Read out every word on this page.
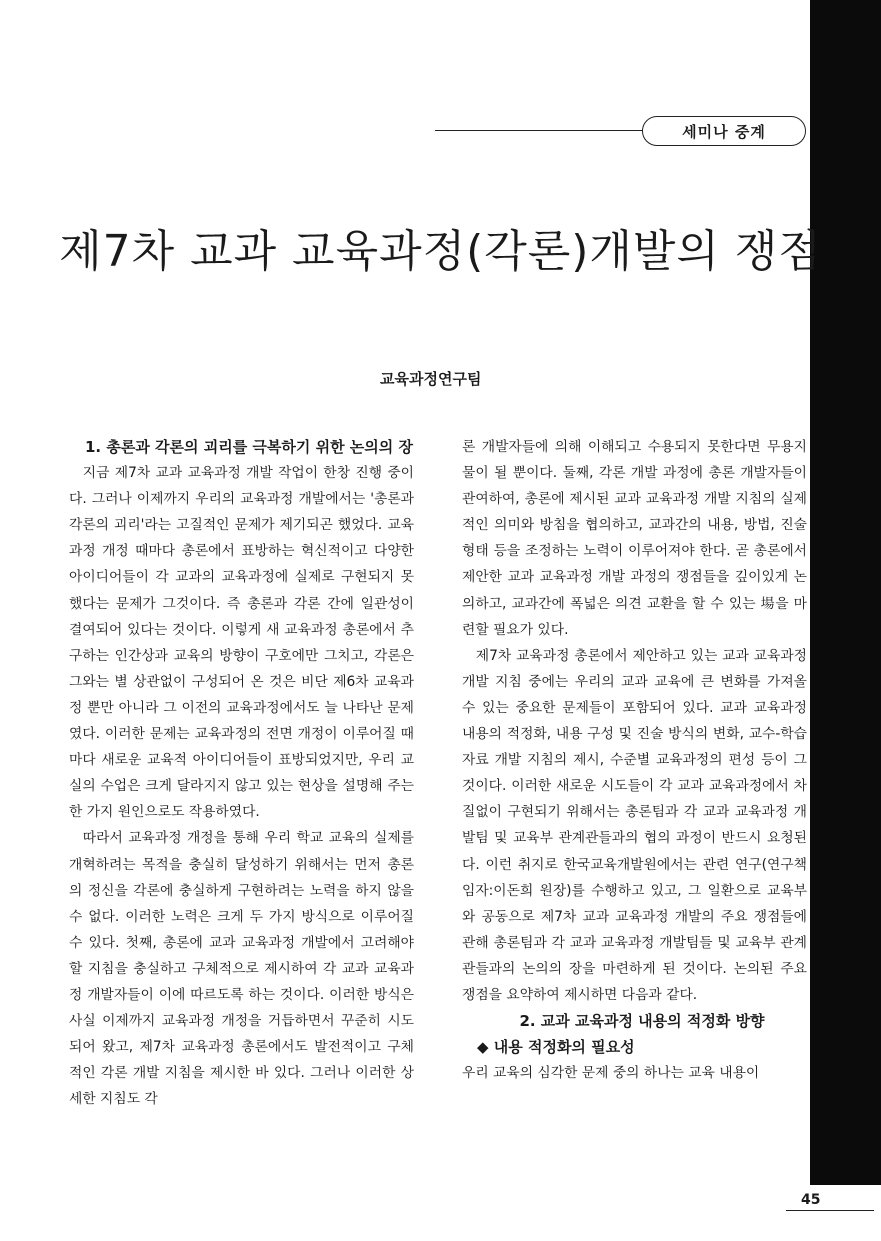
세미나 중계
제7차 교과 교육과정(각론)개발의 쟁점

교육과정연구팀

1. 총론과 각론의 괴리를 극복하기 위한 논의의 장

지금 제7차 교과 교육과정 개발 작업이 한창 진행 중이다. 그러나 이제까지 우리의 교육과정 개발에서는 '총론과 각론의 괴리'라는 고질적인 문제가 제기되곤 했었다. 교육과정 개정 때마다 총론에서 표방하는 혁신적이고 다양한 아이디어들이 각 교과의 교육과정에 실제로 구현되지 못했다는 문제가 그것이다. 즉 총론과 각론 간에 일관성이 결여되어 있다는 것이다. 이렇게 새 교육과정 총론에서 추구하는 인간상과 교육의 방향이 구호에만 그치고, 각론은 그와는 별 상관없이 구성되어 온 것은 비단 제6차 교육과정 뿐만 아니라 그 이전의 교육과정에서도 늘 나타난 문제였다. 이러한 문제는 교육과정의 전면 개정이 이루어질 때마다 새로운 교육적 아이디어들이 표방되었지만, 우리 교실의 수업은 크게 달라지지 않고 있는 현상을 설명해 주는 한 가지 원인으로도 작용하였다.

따라서 교육과정 개정을 통해 우리 학교 교육의 실제를 개혁하려는 목적을 충실히 달성하기 위해서는 먼저 총론의 정신을 각론에 충실하게 구현하려는 노력을 하지 않을 수 없다. 이러한 노력은 크게 두 가지 방식으로 이루어질 수 있다. 첫째, 총론에 교과 교육과정 개발에서 고려해야 할 지침을 충실하고 구체적으로 제시하여 각 교과 교육과정 개발자들이 이에 따르도록 하는 것이다. 이러한 방식은 사실 이제까지 교육과정 개정을 거듭하면서 꾸준히 시도되어 왔고, 제7차 교육과정 총론에서도 발전적이고 구체적인 각론 개발 지침을 제시한 바 있다. 그러나 이러한 상세한 지침도 각

론 개발자들에 의해 이해되고 수용되지 못한다면 무용지물이 될 뿐이다. 둘째, 각론 개발 과정에 총론 개발자들이 관여하여, 총론에 제시된 교과 교육과정 개발 지침의 실제적인 의미와 방침을 협의하고, 교과간의 내용, 방법, 진술 형태 등을 조정하는 노력이 이루어져야 한다. 곧 총론에서 제안한 교과 교육과정 개발 과정의 쟁점들을 깊이있게 논의하고, 교과간에 폭넓은 의견 교환을 할 수 있는 場을 마련할 필요가 있다.

제7차 교육과정 총론에서 제안하고 있는 교과 교육과정 개발 지침 중에는 우리의 교과 교육에 큰 변화를 가져올 수 있는 중요한 문제들이 포함되어 있다. 교과 교육과정 내용의 적정화, 내용 구성 및 진술 방식의 변화, 교수-학습자료 개발 지침의 제시, 수준별 교육과정의 편성 등이 그것이다. 이러한 새로운 시도들이 각 교과 교육과정에서 차질없이 구현되기 위해서는 총론팀과 각 교과 교육과정 개발팀 및 교육부 관계관들과의 협의 과정이 반드시 요청된다. 이런 취지로 한국교육개발원에서는 관련 연구(연구책임자:이돈희 원장)를 수행하고 있고, 그 일환으로 교육부와 공동으로 제7차 교과 교육과정 개발의 주요 쟁점들에 관해 총론팀과 각 교과 교육과정 개발팀들 및 교육부 관계관들과의 논의의 장을 마련하게 된 것이다. 논의된 주요 쟁점을 요약하여 제시하면 다음과 같다.

2. 교과 교육과정 내용의 적정화 방향

◆ 내용 적정화의 필요성

우리 교육의 심각한 문제 중의 하나는 교육 내용이

45
